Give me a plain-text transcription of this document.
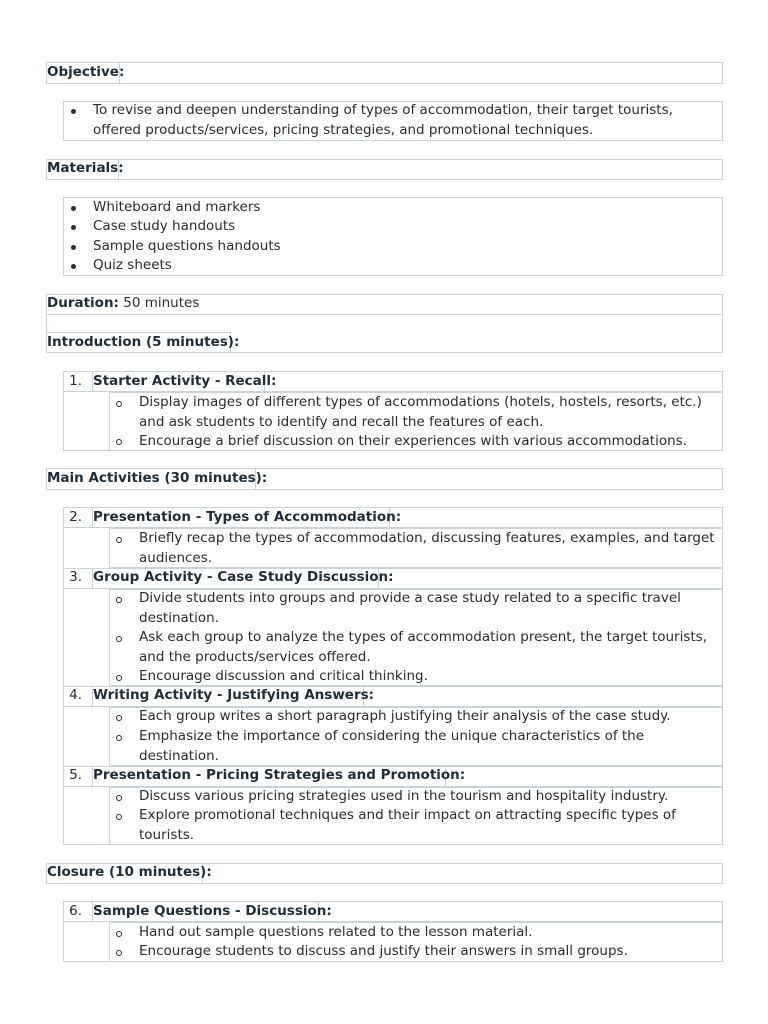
Objective:
To revise and deepen understanding of types of accommodation, their target tourists, offered products/services, pricing strategies, and promotional techniques.
Materials:
Whiteboard and markers
Case study handouts
Sample questions handouts
Quiz sheets
Duration: 50 minutes
Introduction (5 minutes):
1. Starter Activity - Recall:
Display images of different types of accommodations (hotels, hostels, resorts, etc.) and ask students to identify and recall the features of each.
Encourage a brief discussion on their experiences with various accommodations.
Main Activities (30 minutes):
2. Presentation - Types of Accommodation:
Briefly recap the types of accommodation, discussing features, examples, and target audiences.
3. Group Activity - Case Study Discussion:
Divide students into groups and provide a case study related to a specific travel destination.
Ask each group to analyze the types of accommodation present, the target tourists, and the products/services offered.
Encourage discussion and critical thinking.
4. Writing Activity - Justifying Answers:
Each group writes a short paragraph justifying their analysis of the case study.
Emphasize the importance of considering the unique characteristics of the destination.
5. Presentation - Pricing Strategies and Promotion:
Discuss various pricing strategies used in the tourism and hospitality industry.
Explore promotional techniques and their impact on attracting specific types of tourists.
Closure (10 minutes):
6. Sample Questions - Discussion:
Hand out sample questions related to the lesson material.
Encourage students to discuss and justify their answers in small groups.
